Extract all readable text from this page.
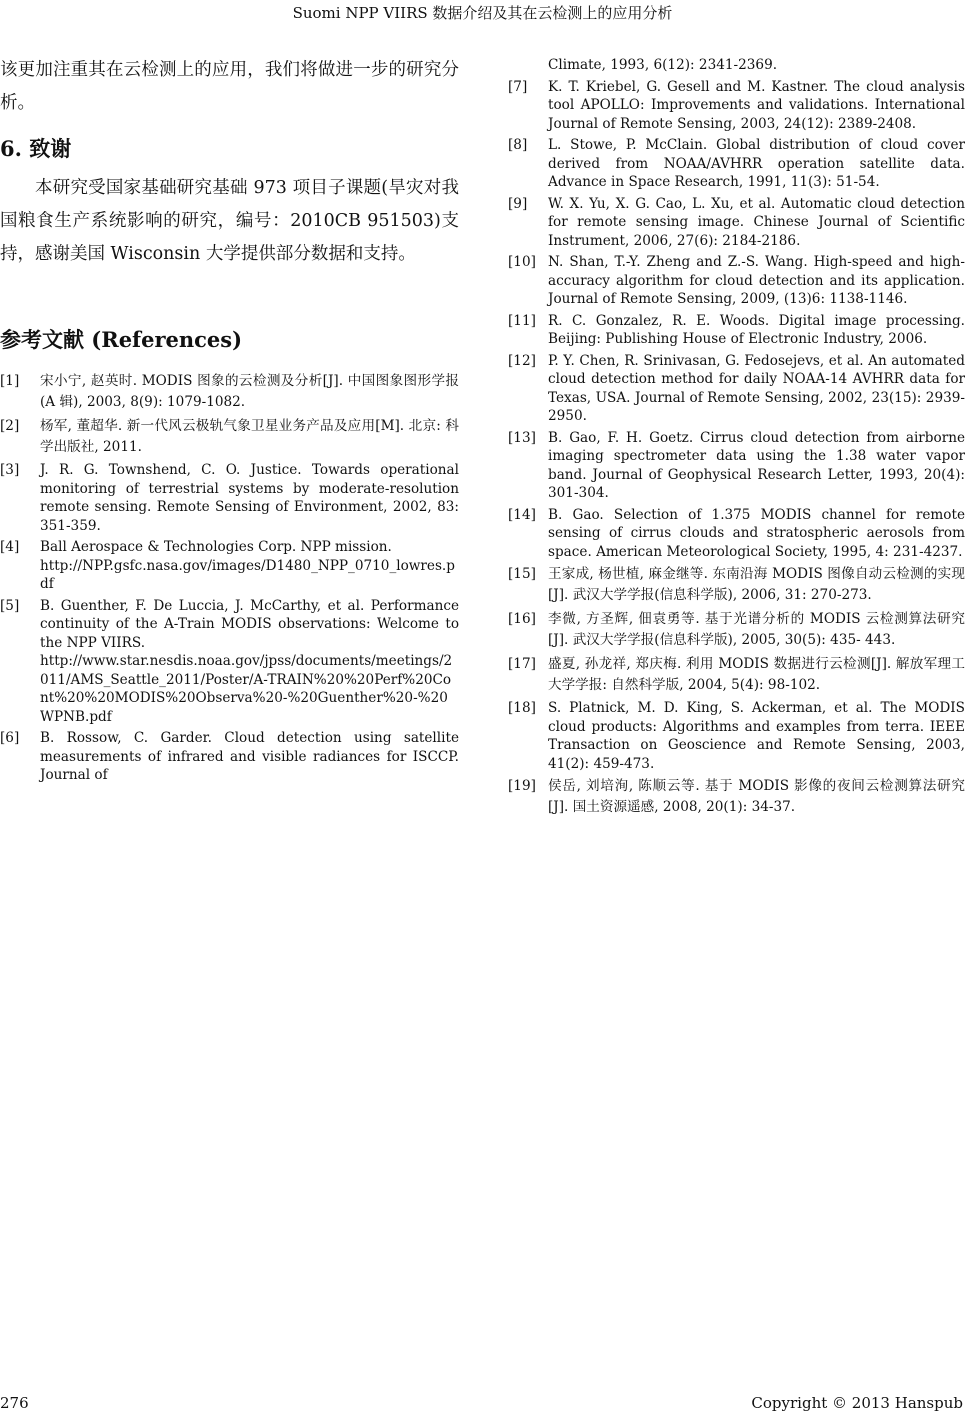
Suomi NPP VIIRS 数据介绍及其在云检测上的应用分析

该更加注重其在云检测上的应用，我们将做进一步的研究分析。

6. 致谢

本研究受国家基础研究基础 973 项目子课题(旱灾对我国粮食生产系统影响的研究，编号：2010CB 951503)支持，感谢美国 Wisconsin 大学提供部分数据和支持。

参考文献 (References)
[1] 宋小宁, 赵英时. MODIS 图象的云检测及分析[J]. 中国图象图形学报(A 辑), 2003, 8(9): 1079-1082.
[2] 杨军, 董超华. 新一代风云极轨气象卫星业务产品及应用[M]. 北京: 科学出版社, 2011.
[3] J. R. G. Townshend, C. O. Justice. Towards operational monitoring of terrestrial systems by moderate-resolution remote sensing. Remote Sensing of Environment, 2002, 83: 351-359.
[4] Ball Aerospace & Technologies Corp. NPP mission.
http://NPP.gsfc.nasa.gov/images/D1480_NPP_0710_lowres.pdf
[5] B. Guenther, F. De Luccia, J. McCarthy, et al. Performance continuity of the A-Train MODIS observations: Welcome to the NPP VIIRS.
http://www.star.nesdis.noaa.gov/jpss/documents/meetings/2011/AMS_Seattle_2011/Poster/A-TRAIN%20%20Perf%20Cont%20%20MODIS%20Observa%20-%20Guenther%20-%20WPNB.pdf
[6] B. Rossow, C. Garder. Cloud detection using satellite measurements of infrared and visible radiances for ISCCP. Journal of

Climate, 1993, 6(12): 2341-2369.

[7] K. T. Kriebel, G. Gesell and M. Kastner. The cloud analysis tool APOLLO: Improvements and validations. International Journal of Remote Sensing, 2003, 24(12): 2389-2408.
[8] L. Stowe, P. McClain. Global distribution of cloud cover derived from NOAA/AVHRR operation satellite data. Advance in Space Research, 1991, 11(3): 51-54.
[9] W. X. Yu, X. G. Cao, L. Xu, et al. Automatic cloud detection for remote sensing image. Chinese Journal of Scientific Instrument, 2006, 27(6): 2184-2186.
[10] N. Shan, T.-Y. Zheng and Z.-S. Wang. High-speed and high-accuracy algorithm for cloud detection and its application. Journal of Remote Sensing, 2009, (13)6: 1138-1146.
[11] R. C. Gonzalez, R. E. Woods. Digital image processing. Beijing: Publishing House of Electronic Industry, 2006.
[12] P. Y. Chen, R. Srinivasan, G. Fedosejevs, et al. An automated cloud detection method for daily NOAA-14 AVHRR data for Texas, USA. Journal of Remote Sensing, 2002, 23(15): 2939-2950.
[13] B. Gao, F. H. Goetz. Cirrus cloud detection from airborne imaging spectrometer data using the 1.38 water vapor band. Journal of Geophysical Research Letter, 1993, 20(4): 301-304.
[14] B. Gao. Selection of 1.375 MODIS channel for remote sensing of cirrus clouds and stratospheric aerosols from space. American Meteorological Society, 1995, 4: 231-4237.
[15] 王家成, 杨世植, 麻金继等. 东南沿海 MODIS 图像自动云检测的实现[J]. 武汉大学学报(信息科学版), 2006, 31: 270-273.
[16] 李微, 方圣辉, 佃袁勇等. 基于光谱分析的 MODIS 云检测算法研究[J]. 武汉大学学报(信息科学版), 2005, 30(5): 435- 443.
[17] 盛夏, 孙龙祥, 郑庆梅. 利用 MODIS 数据进行云检测[J]. 解放军理工大学学报: 自然科学版, 2004, 5(4): 98-102.
[18] S. Platnick, M. D. King, S. Ackerman, et al. The MODIS cloud products: Algorithms and examples from terra. IEEE Transaction on Geoscience and Remote Sensing, 2003, 41(2): 459-473.
[19] 侯岳, 刘培洵, 陈顺云等. 基于 MODIS 影像的夜间云检测算法研究[J]. 国土资源遥感, 2008, 20(1): 34-37.
276	Copyright © 2013 Hanspub
